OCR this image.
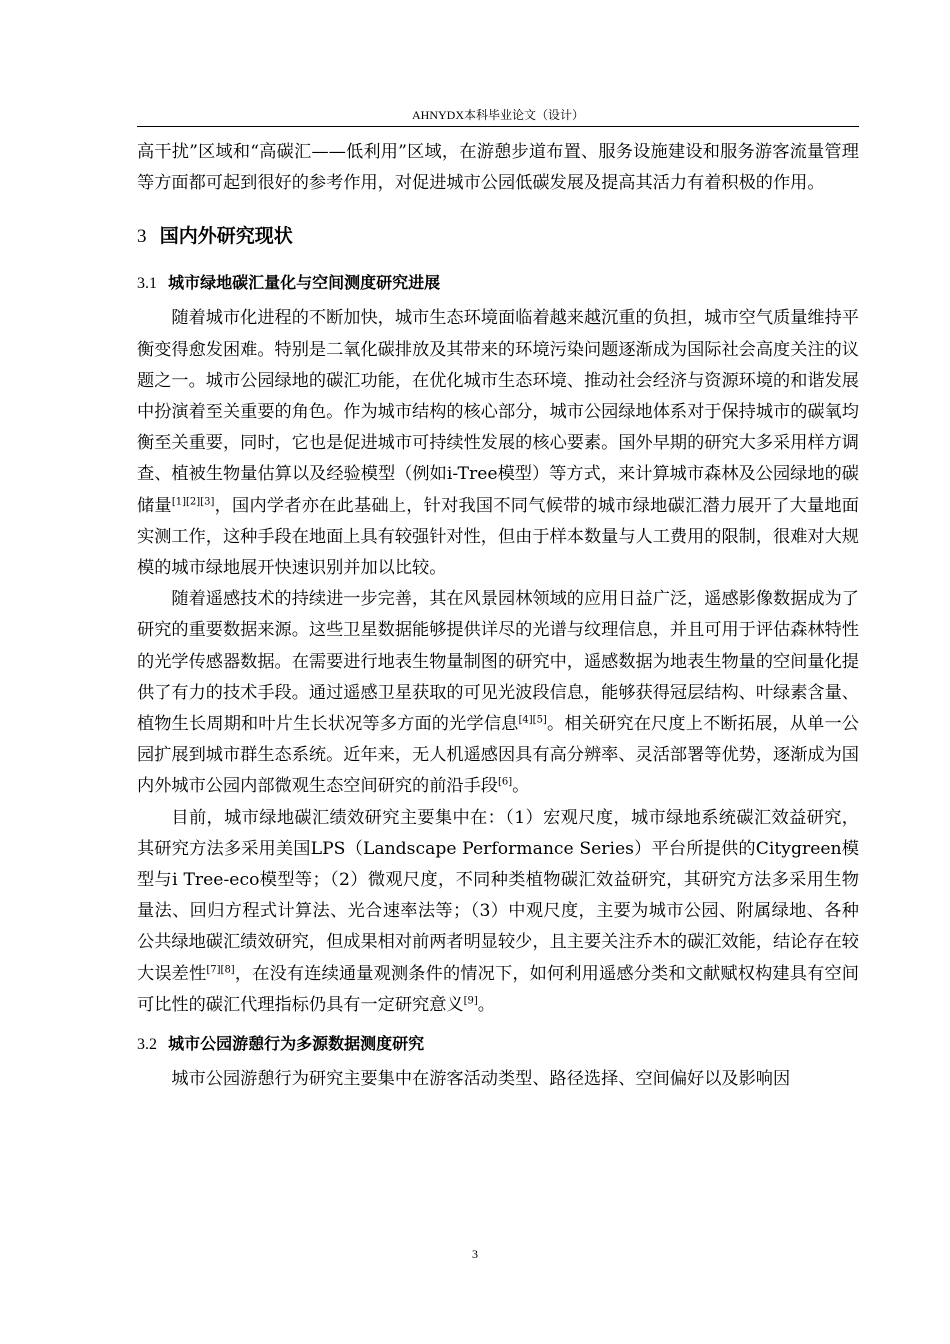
AHNYDX本科毕业论文（设计）

高干扰”区域和“高碳汇——低利用”区域，在游憩步道布置、服务设施建设和服务游客流量管理等方面都可起到很好的参考作用，对促进城市公园低碳发展及提高其活力有着积极的作用。

3 国内外研究现状
3.1 城市绿地碳汇量化与空间测度研究进展

随着城市化进程的不断加快，城市生态环境面临着越来越沉重的负担，城市空气质量维持平衡变得愈发困难。特别是二氧化碳排放及其带来的环境污染问题逐渐成为国际社会高度关注的议题之一。城市公园绿地的碳汇功能，在优化城市生态环境、推动社会经济与资源环境的和谐发展中扮演着至关重要的角色。作为城市结构的核心部分，城市公园绿地体系对于保持城市的碳氧均衡至关重要，同时，它也是促进城市可持续性发展的核心要素。国外早期的研究大多采用样方调查、植被生物量估算以及经验模型（例如i-Tree模型）等方式，来计算城市森林及公园绿地的碳储量[1][2][3]，国内学者亦在此基础上，针对我国不同气候带的城市绿地碳汇潜力展开了大量地面实测工作，这种手段在地面上具有较强针对性，但由于样本数量与人工费用的限制，很难对大规模的城市绿地展开快速识别并加以比较。

随着遥感技术的持续进一步完善，其在风景园林领域的应用日益广泛，遥感影像数据成为了研究的重要数据来源。这些卫星数据能够提供详尽的光谱与纹理信息，并且可用于评估森林特性的光学传感器数据。在需要进行地表生物量制图的研究中，遥感数据为地表生物量的空间量化提供了有力的技术手段。通过遥感卫星获取的可见光波段信息，能够获得冠层结构、叶绿素含量、植物生长周期和叶片生长状况等多方面的光学信息[4][5]。相关研究在尺度上不断拓展，从单一公园扩展到城市群生态系统。近年来，无人机遥感因具有高分辨率、灵活部署等优势，逐渐成为国内外城市公园内部微观生态空间研究的前沿手段[6]。

目前，城市绿地碳汇绩效研究主要集中在：（1）宏观尺度，城市绿地系统碳汇效益研究，其研究方法多采用美国LPS（Landscape Performance Series）平台所提供的Citygreen模型与i Tree-eco模型等；（2）微观尺度，不同种类植物碳汇效益研究，其研究方法多采用生物量法、回归方程式计算法、光合速率法等；（3）中观尺度，主要为城市公园、附属绿地、各种公共绿地碳汇绩效研究，但成果相对前两者明显较少，且主要关注乔木的碳汇效能，结论存在较大误差性[7][8]，在没有连续通量观测条件的情况下，如何利用遥感分类和文献赋权构建具有空间可比性的碳汇代理指标仍具有一定研究意义[9]。

3.2 城市公园游憩行为多源数据测度研究

城市公园游憩行为研究主要集中在游客活动类型、路径选择、空间偏好以及影响因

3
